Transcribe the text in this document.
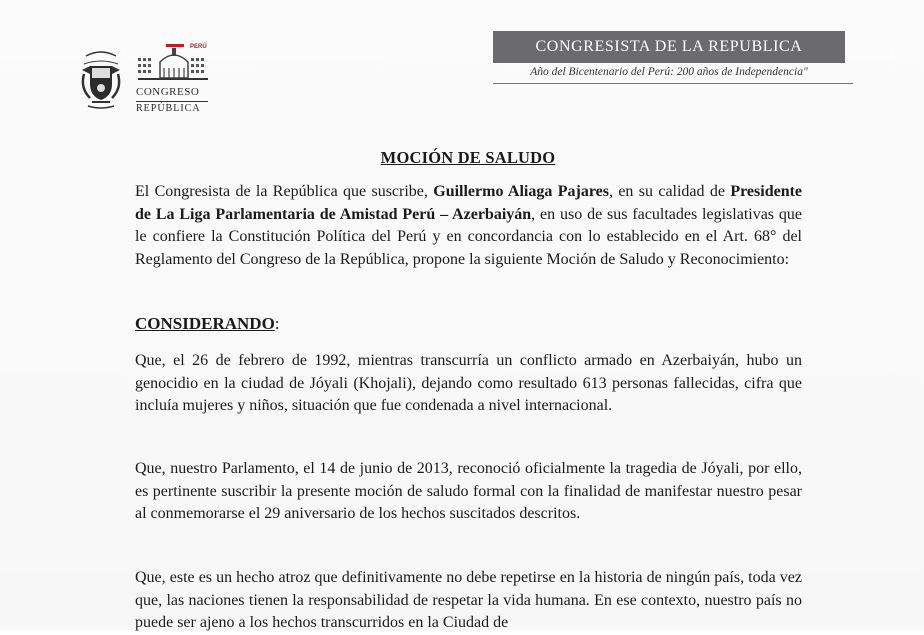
PERÚ
CONGRESO
REPÚBLICA
CONGRESISTA DE LA REPUBLICA
Año del Bicentenario del Perú: 200 años de Independencia"
MOCIÓN DE SALUDO
El Congresista de la República que suscribe, Guillermo Aliaga Pajares, en su calidad de Presidente de La Liga Parlamentaria de Amistad Perú – Azerbaiyán, en uso de sus facultades legislativas que le confiere la Constitución Política del Perú y en concordancia con lo establecido en el Art. 68° del Reglamento del Congreso de la República, propone la siguiente Moción de Saludo y Reconocimiento:
CONSIDERANDO:
Que, el 26 de febrero de 1992, mientras transcurría un conflicto armado en Azerbaiyán, hubo un genocidio en la ciudad de Jóyali (Khojali), dejando como resultado 613 personas fallecidas, cifra que incluía mujeres y niños, situación que fue condenada a nivel internacional.
Que, nuestro Parlamento, el 14 de junio de 2013, reconoció oficialmente la tragedia de Jóyali, por ello, es pertinente suscribir la presente moción de saludo formal con la finalidad de manifestar nuestro pesar al conmemorarse el 29 aniversario de los hechos suscitados descritos.
Que, este es un hecho atroz que definitivamente no debe repetirse en la historia de ningún país, toda vez que, las naciones tienen la responsabilidad de respetar la vida humana. En ese contexto, nuestro país no puede ser ajeno a los hechos transcurridos en la Ciudad de
